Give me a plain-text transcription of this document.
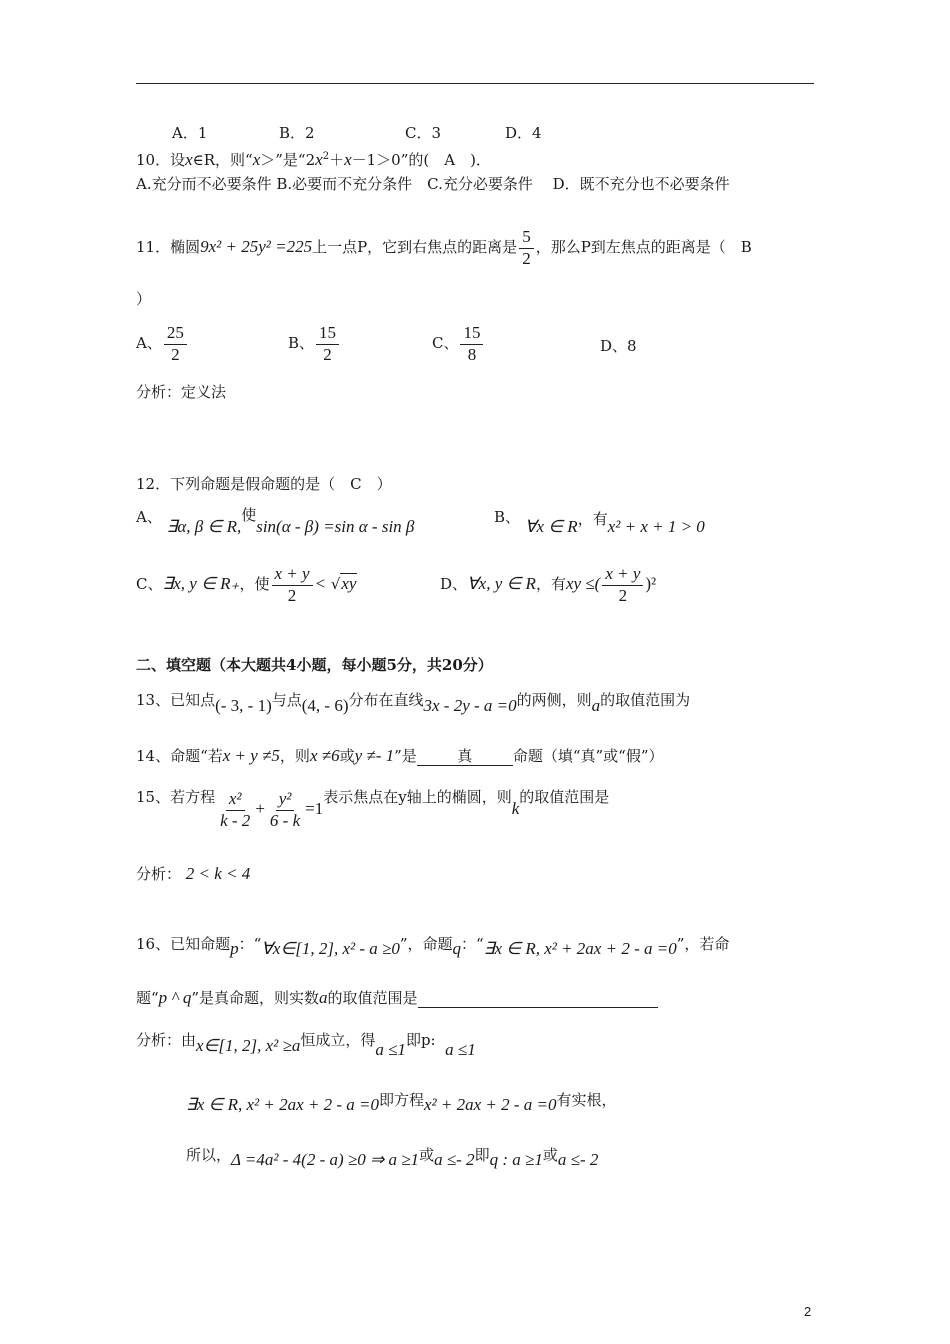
A．1	B．2	C．3	D．4
10．设x∈R，则“x＞”是“$2x^2+x-1>0$”的(　A　)．
A.充分而不必要条件 B.必要而不充分条件　C.充分必要条件　 D．既不充分也不必要条件
11．椭圆9x² + 25y² =225上一点P，它到右焦点的距离是 $\frac{5}{2}$ ，那么P到左焦点的距离是（　B
）
A、 $\frac{25}{2}$	B、 $\frac{15}{2}$	C、 $\frac{15}{8}$	D、8
分析：定义法
12．下列命题是假命题的是（　C　）
A、 ∃α, β ∈ R,使sin(α - β) =sin α - sin β	B、 ∀x ∈ R，有x² + x + 1 > 0
C、∃x, y ∈ R₊，使 $\frac{x + y}{2} < √xy$	D、∀x, y ∈ R，有xy ≤( $\frac{x + y}{2} )^2$
二、填空题（本大题共4小题，每小题5分，共20分）
13、已知点(- 3, - 1)与点(4, - 6)分布在直线3x - 2y - a =0的两侧，则a的取值范围为
14、命题“若x + y ≠5，则x ≠6或y ≠- 1”是	真	命题（填“真”或“假”）
15、若方程 $\frac{\text{x²}}{k - 2} + \frac{\text{y²}}{6 - k} =1$表示焦点在y轴上的椭圆，则k的取值范围是
分析： 2 < k < 4
16、已知命题p：“∀x∈[1, 2], x² - a ≥0”，命题q：“∃x ∈ R, x² + 2ax + 2 - a =0”，若命
题“p ^ q”是真命题，则实数a的取值范围是
分析：由x∈[1, 2], x² ≥a恒成立，得a ≤1即p: a ≤1
∃x ∈ R, x² + 2ax + 2 - a =0即方程x² + 2ax + 2 - a =0有实根，
所以，Δ =4a² - 4(2 - a) ≥0 ⇒ a ≥1或a ≤- 2即q : a ≥1或a ≤- 2
2
